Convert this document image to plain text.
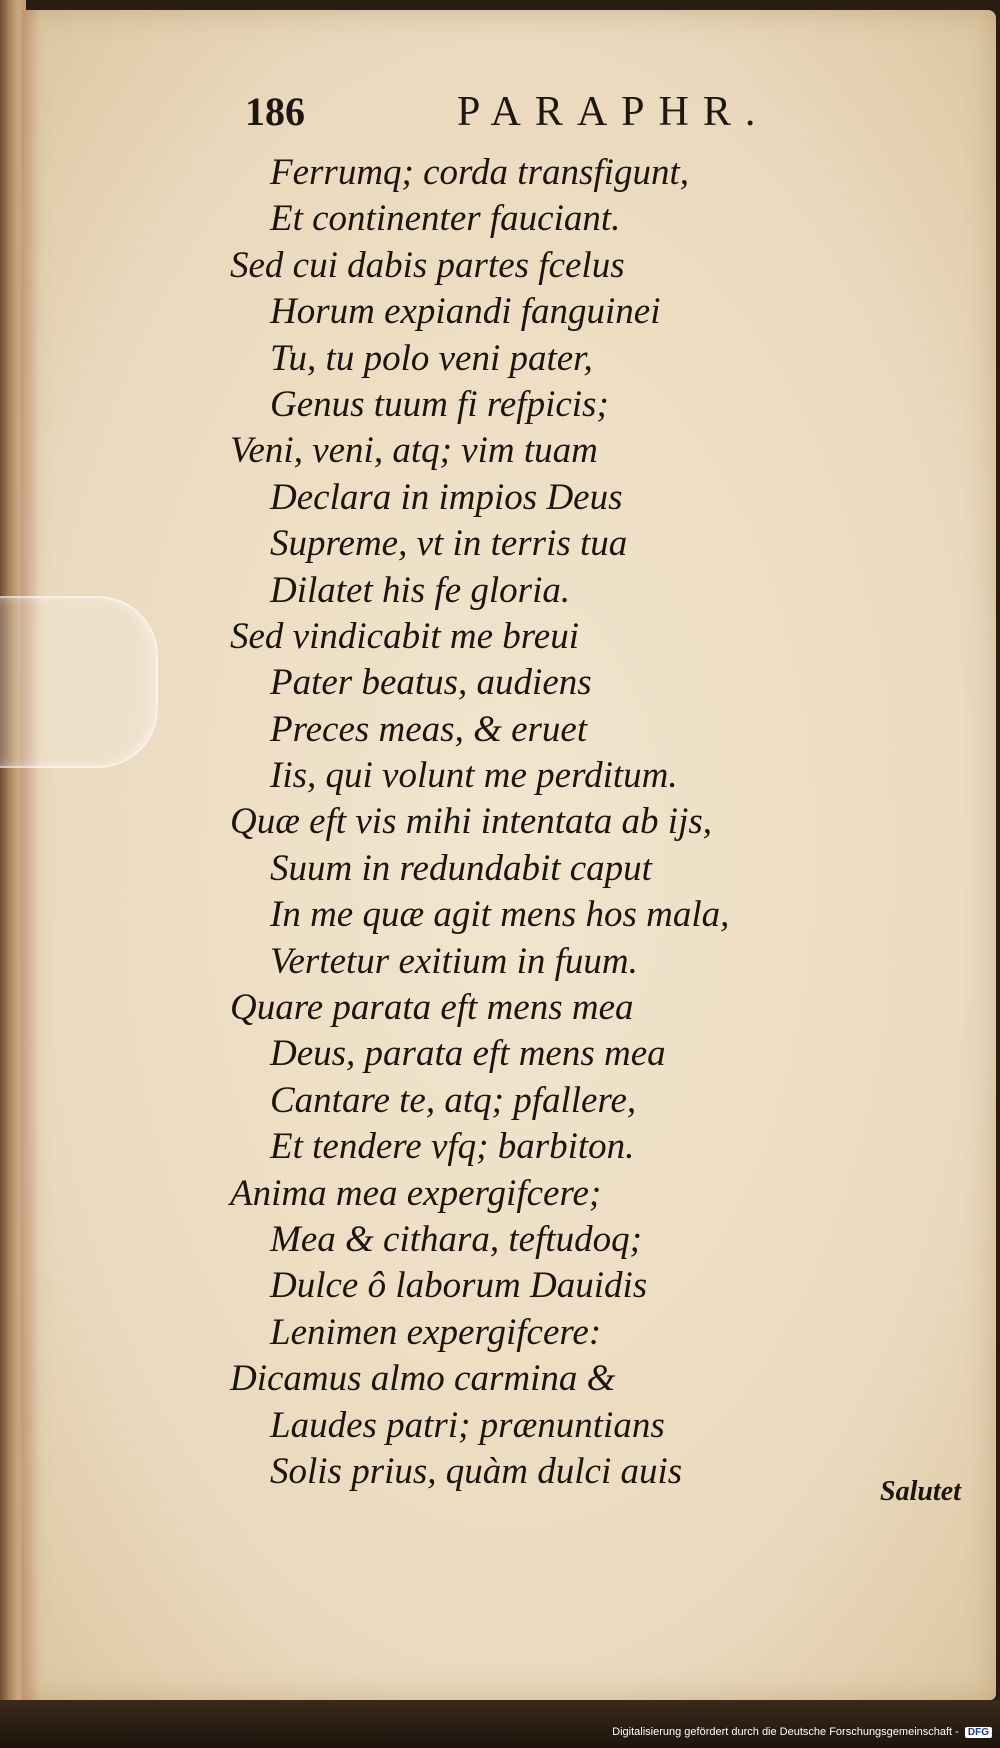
186	PARAPHR.
Ferrumq; corda transfigunt,
Et continenter fauciant.
Sed cui dabis partes fcelus
Horum expiandi fanguinei
Tu, tu polo veni pater,
Genus tuum fi refpicis;
Veni, veni, atq; vim tuam
Declara in impios Deus
Supreme, vt in terris tua
Dilatet his fe gloria.
Sed vindicabit me breui
Pater beatus, audiens
Preces meas, & eruet
Iis, qui volunt me perditum.
Quæ eft vis mihi intentata ab ijs,
Suum in redundabit caput
In me quæ agit mens hos mala,
Vertetur exitium in fuum.
Quare parata eft mens mea
Deus, parata eft mens mea
Cantare te, atq; pfallere,
Et tendere vfq; barbiton.
Anima mea expergifcere;
Mea & cithara, teftudoq;
Dulce ô laborum Dauidis
Lenimen expergifcere:
Dicamus almo carmina &
Laudes patri; prænuntians
Solis prius, quàm dulci auis	Salutet
Digitalisierung gefördert durch die Deutsche Forschungsgemeinschaft - DFG
